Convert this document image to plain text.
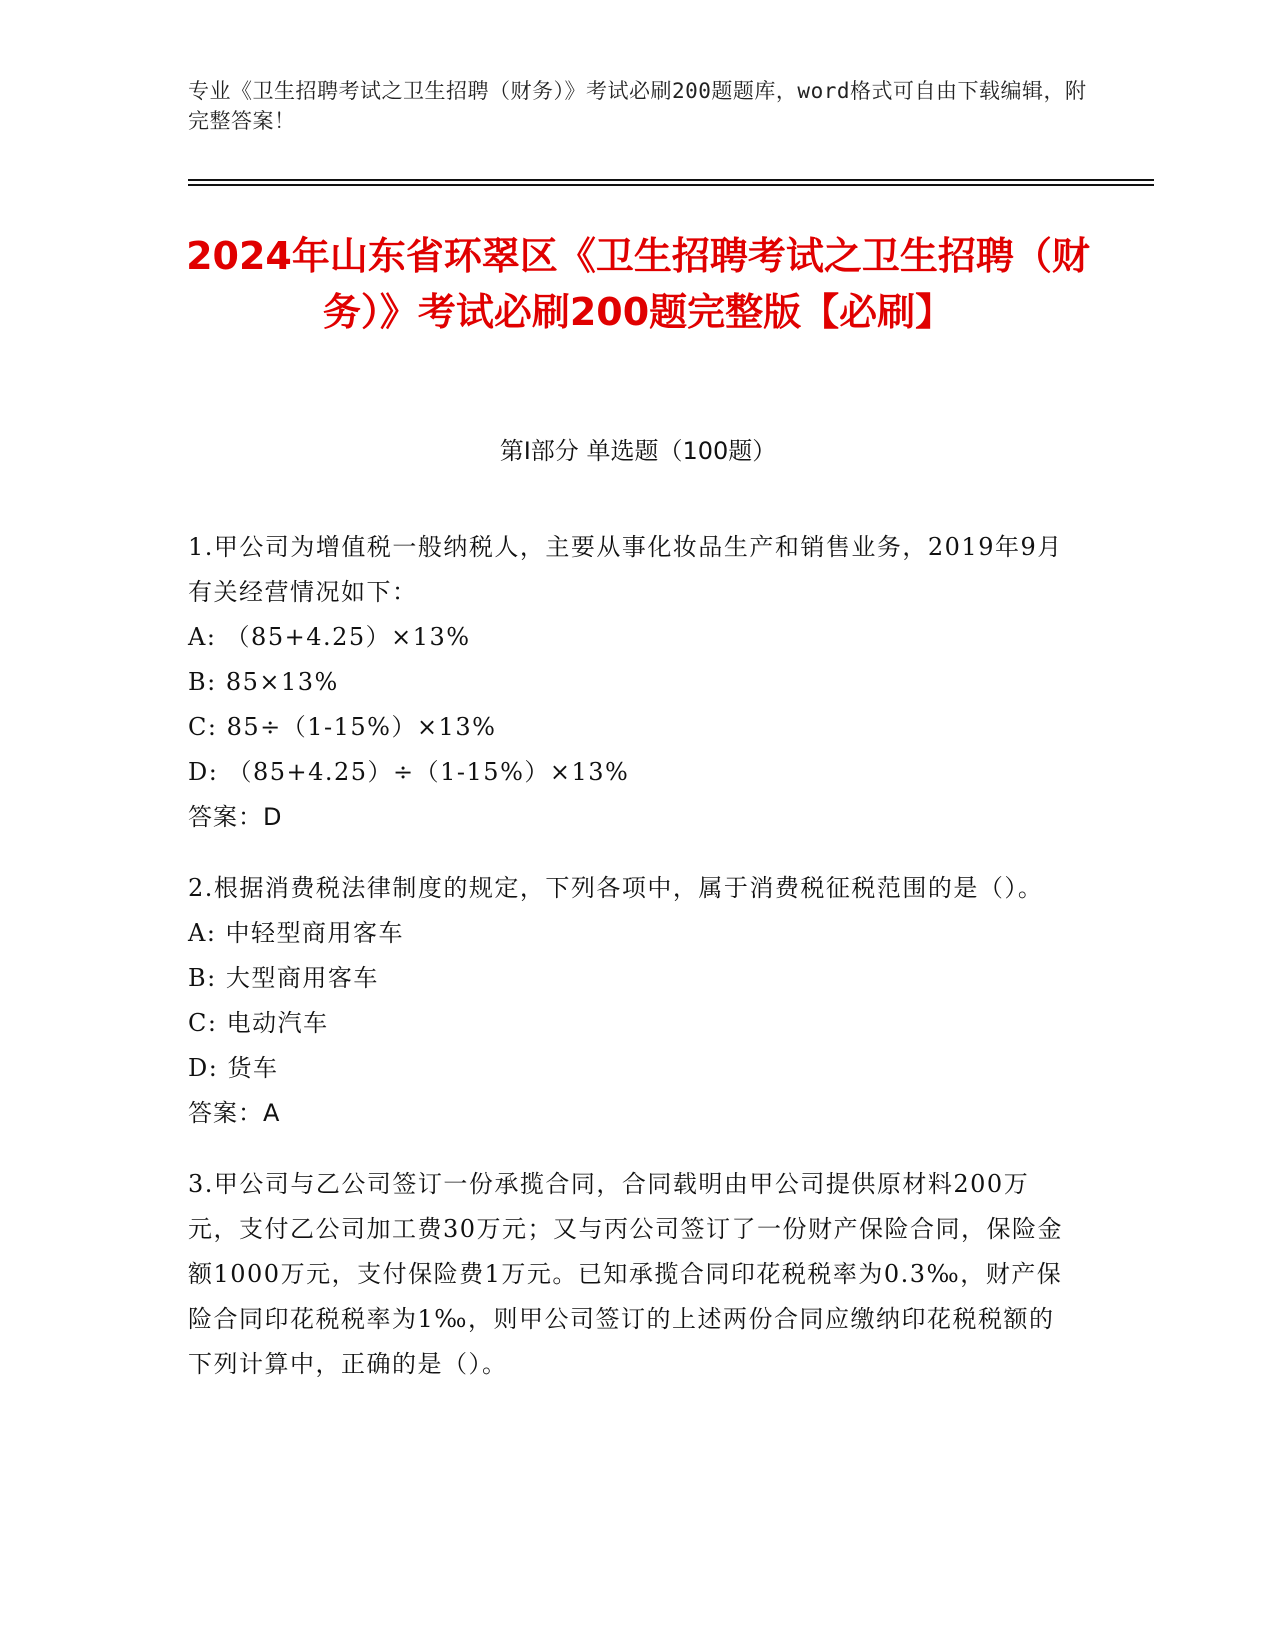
专业《卫生招聘考试之卫生招聘（财务）》考试必刷200题题库，word格式可自由下载编辑，附完整答案！
2024年山东省环翠区《卫生招聘考试之卫生招聘（财务）》考试必刷200题完整版【必刷】
第Ⅰ部分 单选题（100题）
1.甲公司为增值税一般纳税人，主要从事化妆品生产和销售业务，2019年9月有关经营情况如下：
A: （85+4.25）×13%
B: 85×13%
C: 85÷（1-15%）×13%
D: （85+4.25）÷（1-15%）×13%
答案：D
2.根据消费税法律制度的规定，下列各项中，属于消费税征税范围的是（）。
A: 中轻型商用客车
B: 大型商用客车
C: 电动汽车
D: 货车
答案：A
3.甲公司与乙公司签订一份承揽合同，合同载明由甲公司提供原材料200万元，支付乙公司加工费30万元；又与丙公司签订了一份财产保险合同，保险金额1000万元，支付保险费1万元。已知承揽合同印花税税率为0.3‰，财产保险合同印花税税率为1‰，则甲公司签订的上述两份合同应缴纳印花税税额的下列计算中，正确的是（）。
